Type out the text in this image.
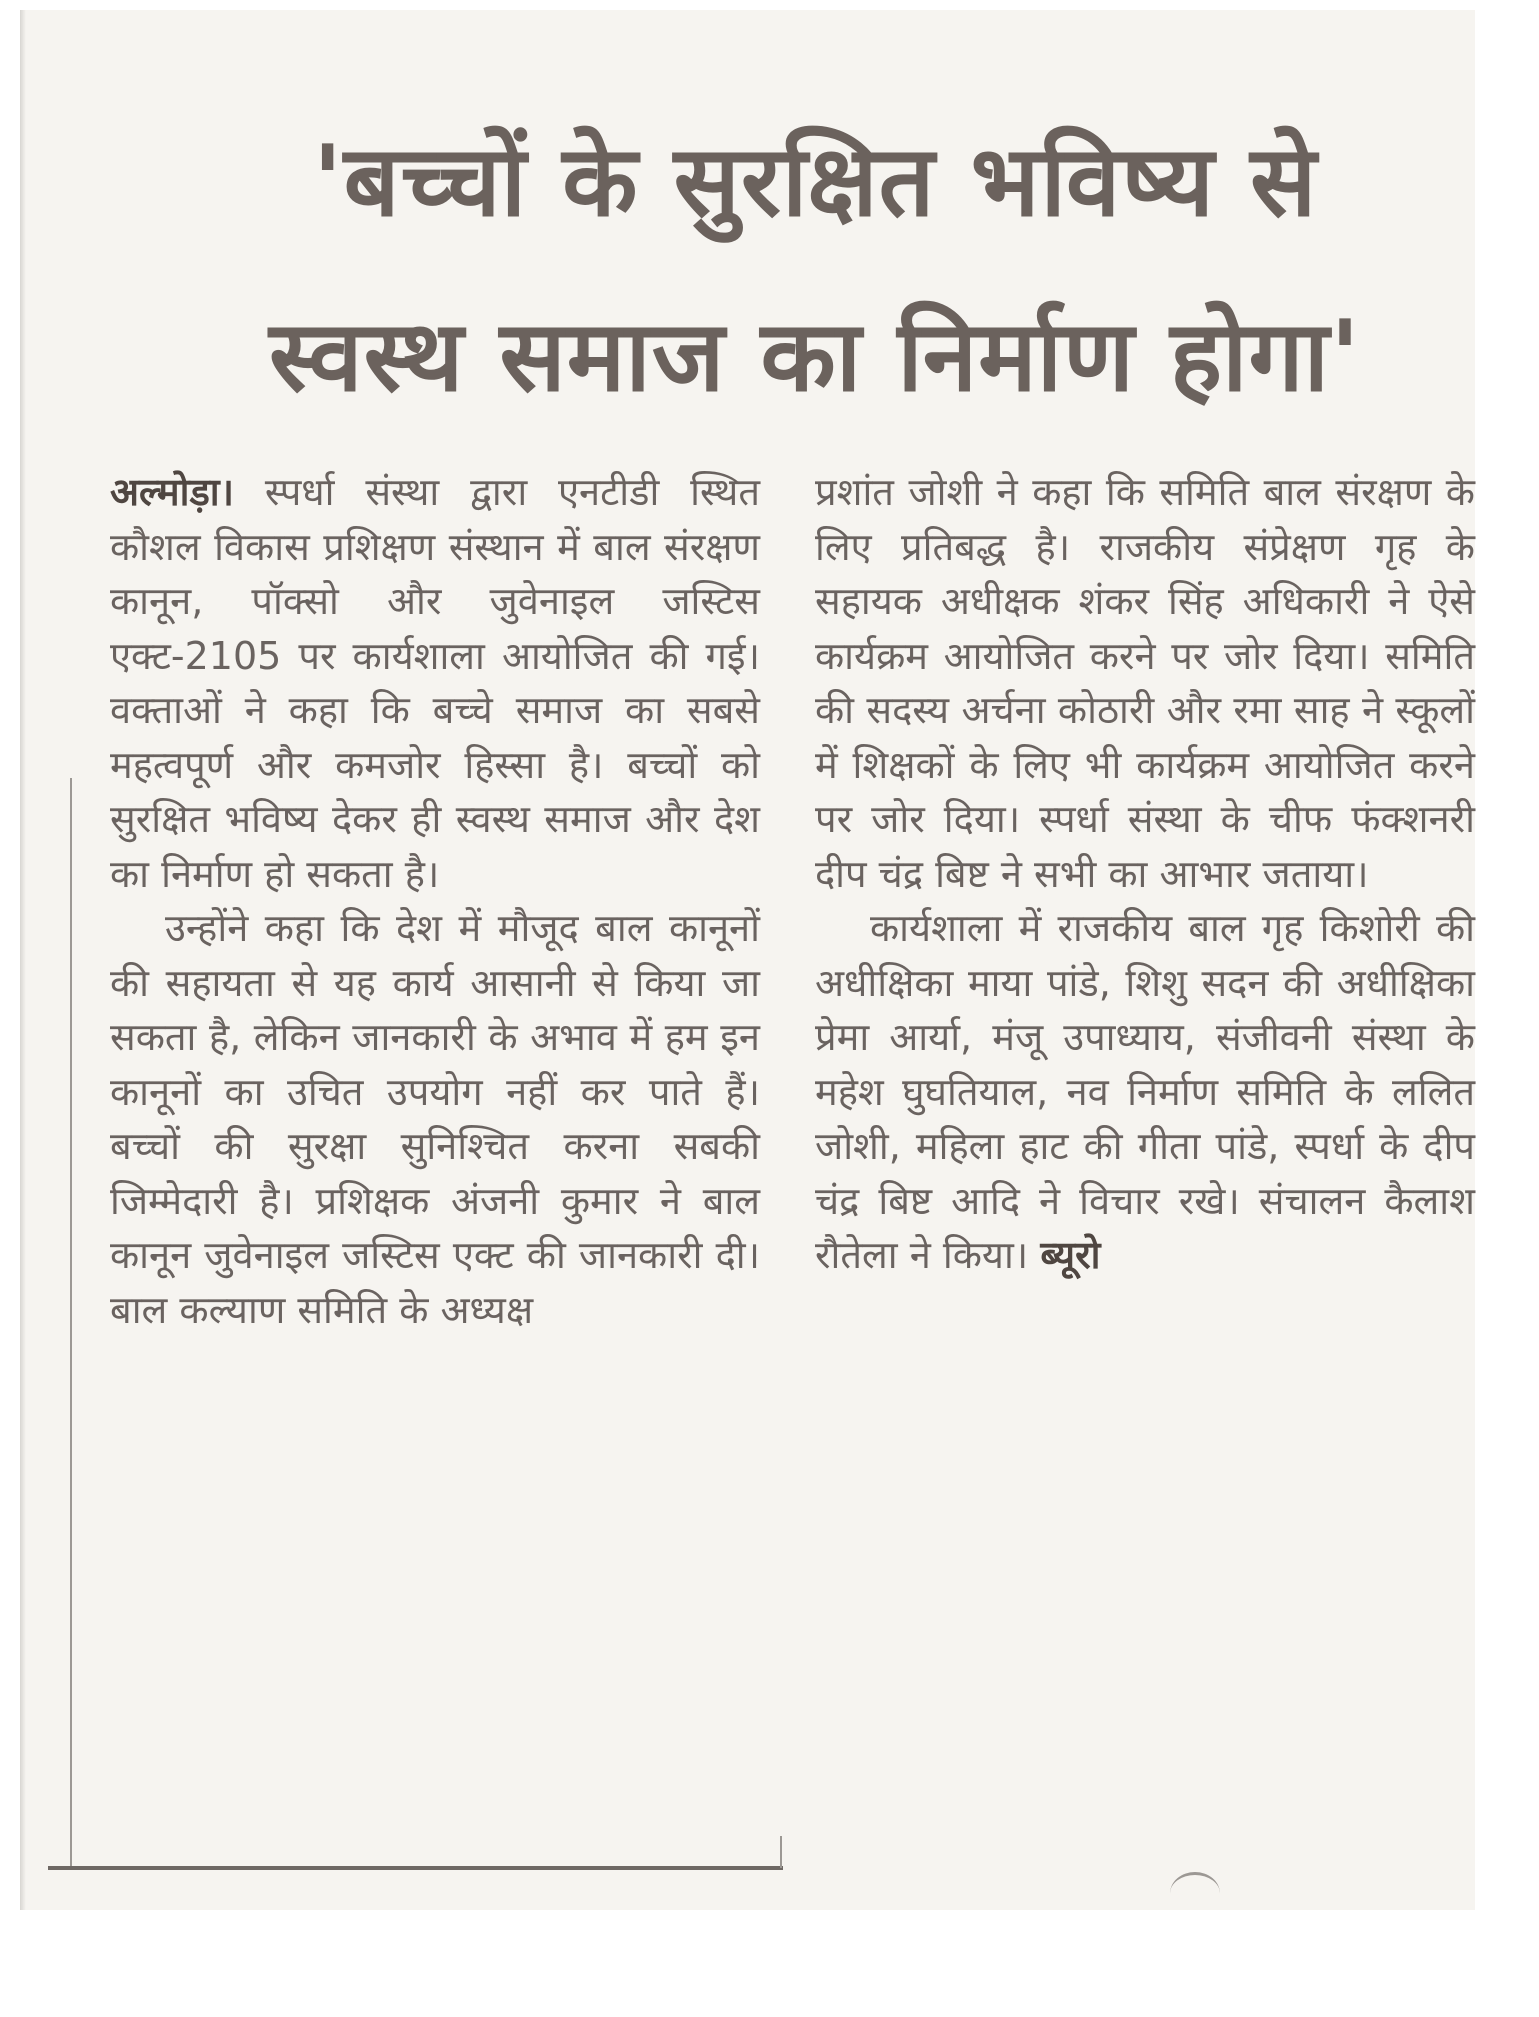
'बच्चों के सुरक्षित भविष्य से
स्वस्थ समाज का निर्माण होगा'

अल्मोड़ा। स्पर्धा संस्था द्वारा एनटीडी स्थित कौशल विकास प्रशिक्षण संस्थान में बाल संरक्षण कानून, पॉक्सो और जुवेनाइल जस्टिस एक्ट-2105 पर कार्यशाला आयोजित की गई। वक्ताओं ने कहा कि बच्चे समाज का सबसे महत्वपूर्ण और कमजोर हिस्सा है। बच्चों को सुरक्षित भविष्य देकर ही स्वस्थ समाज और देश का निर्माण हो सकता है।

उन्होंने कहा कि देश में मौजूद बाल कानूनों की सहायता से यह कार्य आसानी से किया जा सकता है, लेकिन जानकारी के अभाव में हम इन कानूनों का उचित उपयोग नहीं कर पाते हैं। बच्चों की सुरक्षा सुनिश्चित करना सबकी जिम्मेदारी है। प्रशिक्षक अंजनी कुमार ने बाल कानून जुवेनाइल जस्टिस एक्ट की जानकारी दी। बाल कल्याण समिति के अध्यक्ष

प्रशांत जोशी ने कहा कि समिति बाल संरक्षण के लिए प्रतिबद्ध है। राजकीय संप्रेक्षण गृह के सहायक अधीक्षक शंकर सिंह अधिकारी ने ऐसे कार्यक्रम आयोजित करने पर जोर दिया। समिति की सदस्य अर्चना कोठारी और रमा साह ने स्कूलों में शिक्षकों के लिए भी कार्यक्रम आयोजित करने पर जोर दिया। स्पर्धा संस्था के चीफ फंक्शनरी दीप चंद्र बिष्ट ने सभी का आभार जताया।

कार्यशाला में राजकीय बाल गृह किशोरी की अधीक्षिका माया पांडे, शिशु सदन की अधीक्षिका प्रेमा आर्या, मंजू उपाध्याय, संजीवनी संस्था के महेश घुघतियाल, नव निर्माण समिति के ललित जोशी, महिला हाट की गीता पांडे, स्पर्धा के दीप चंद्र बिष्ट आदि ने विचार रखे। संचालन कैलाश रौतेला ने किया। ब्यूरो
